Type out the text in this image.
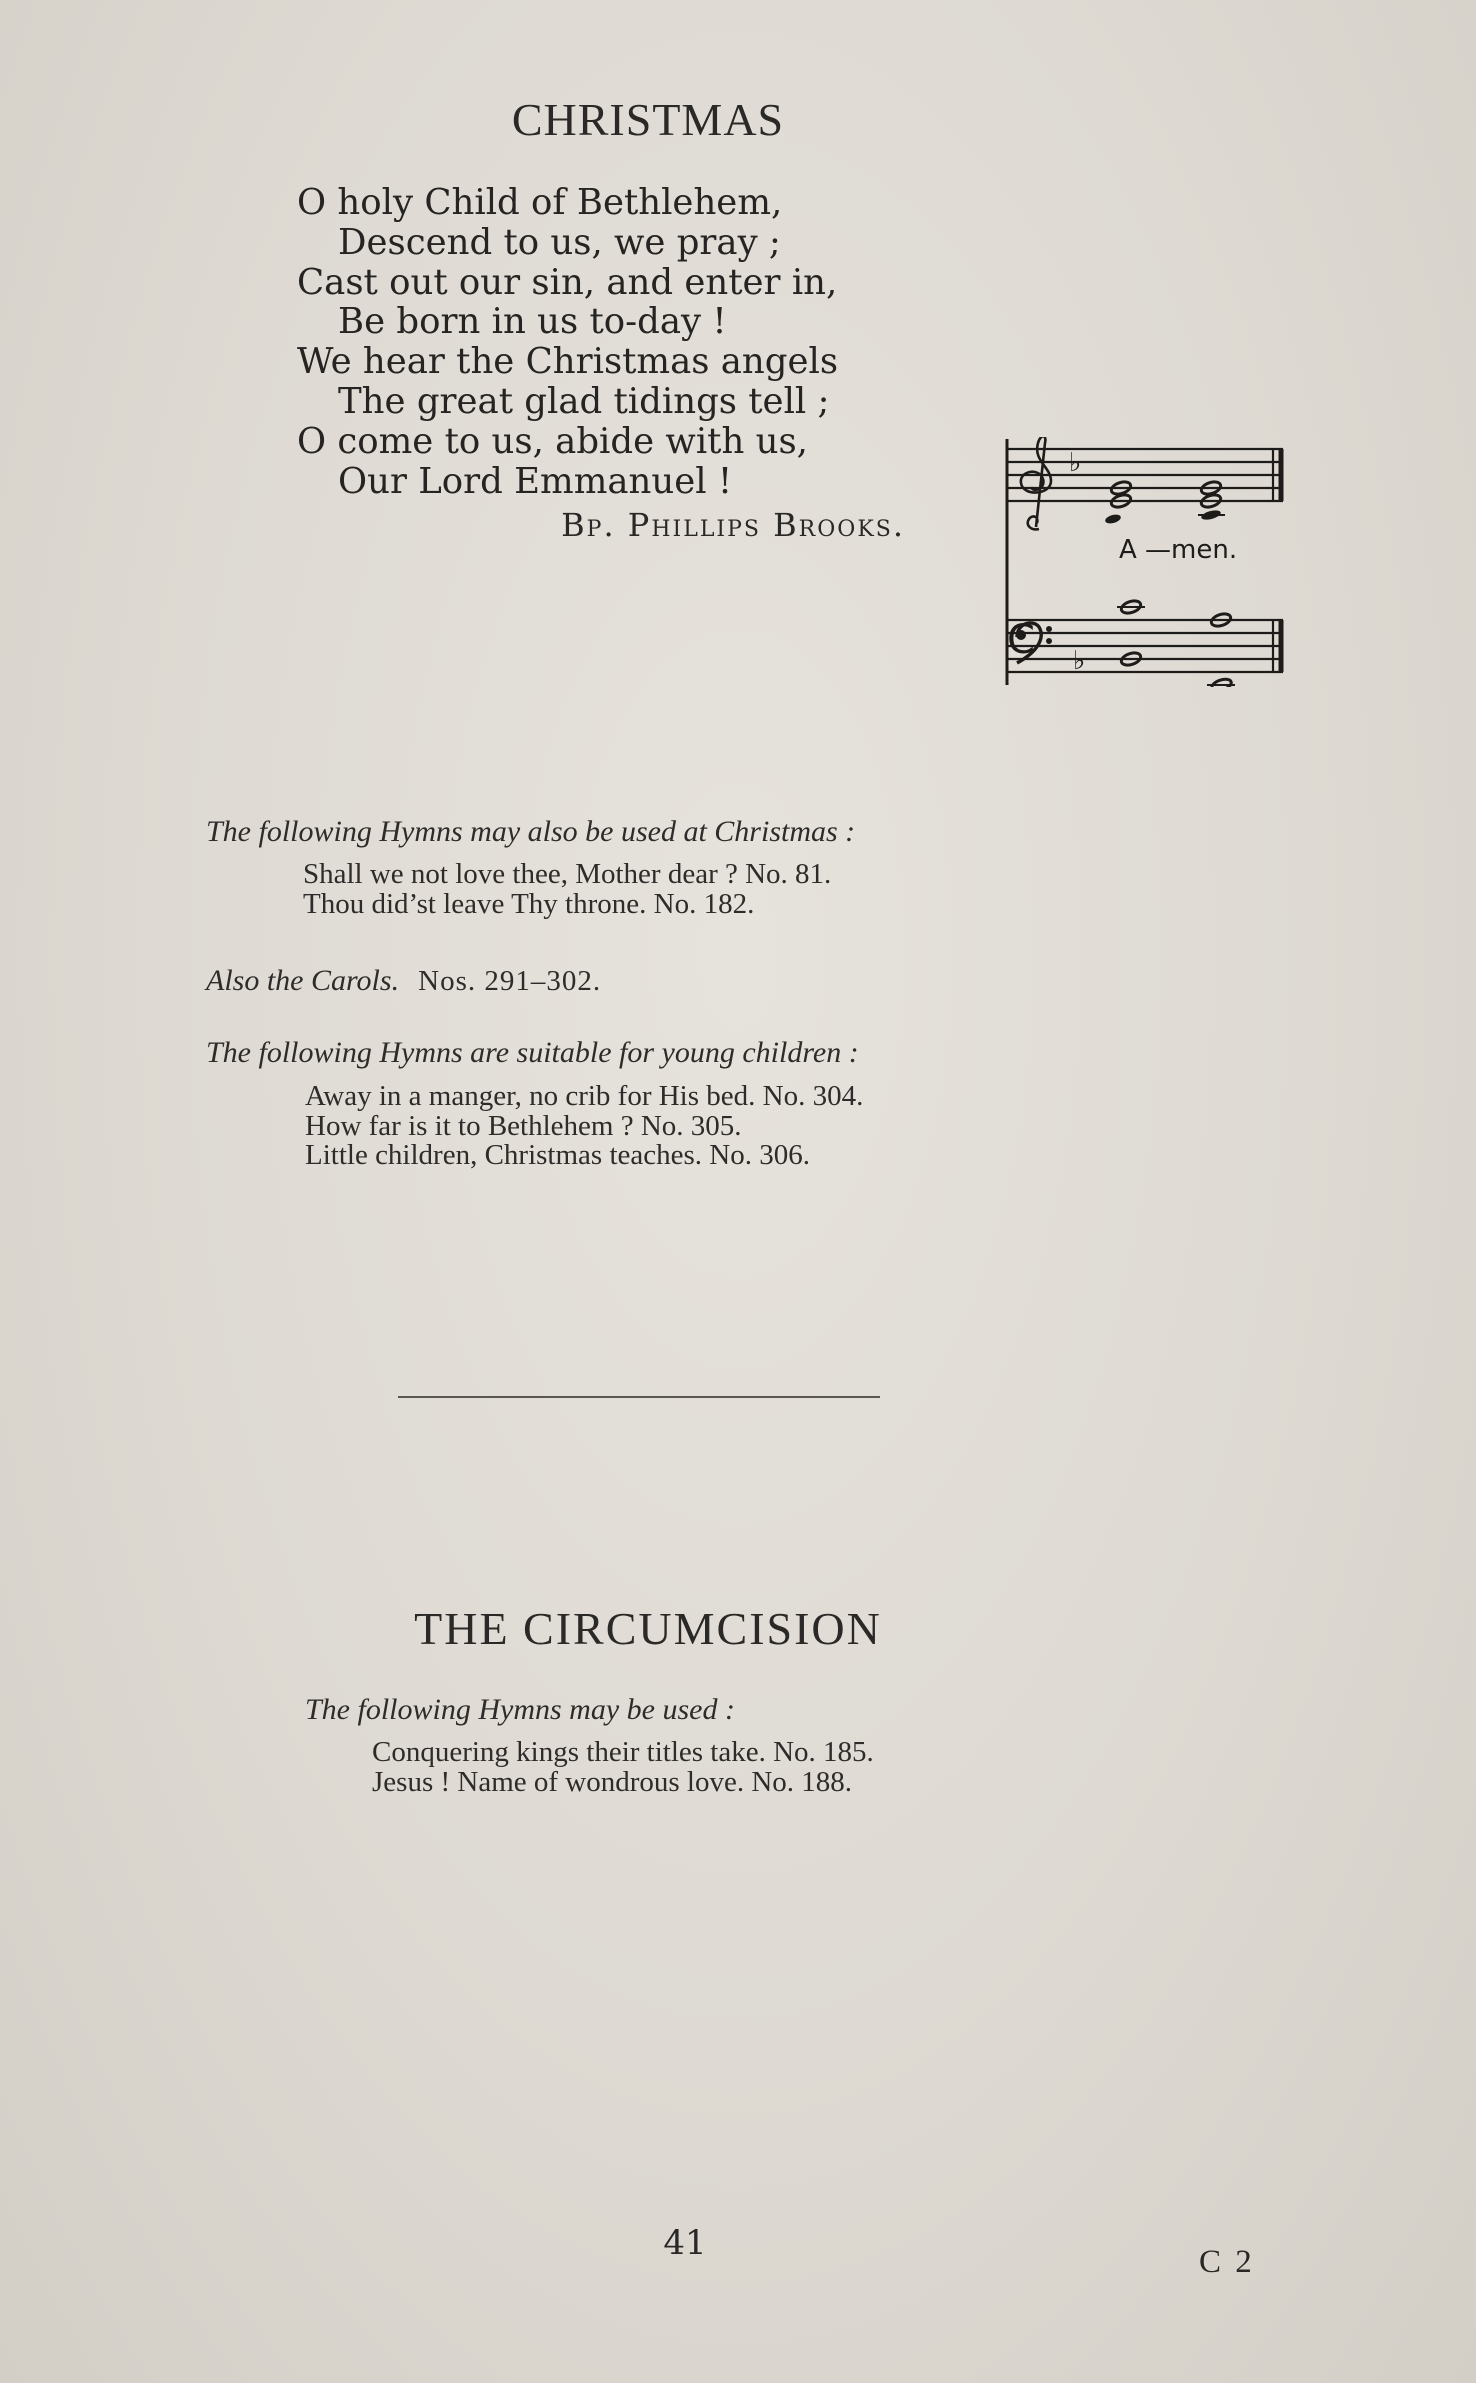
CHRISTMAS
O holy Child of Bethlehem,
Descend to us, we pray ;
Cast out our sin, and enter in,
Be born in us to-day !
We hear the Christmas angels
The great glad tidings tell ;
O come to us, abide with us,
Our Lord Emmanuel !
Bp. Phillips Brooks.
♭
A —men.
C ♭
The following Hymns may also be used at Christmas :
Shall we not love thee, Mother dear ? No. 81.
Thou did’st leave Thy throne. No. 182.
Also the Carols. Nos. 291–302.
The following Hymns are suitable for young children :
Away in a manger, no crib for His bed. No. 304.
How far is it to Bethlehem ? No. 305.
Little children, Christmas teaches. No. 306.
THE CIRCUMCISION
The following Hymns may be used :
Conquering kings their titles take. No. 185.
Jesus ! Name of wondrous love. No. 188.
41	C 2
